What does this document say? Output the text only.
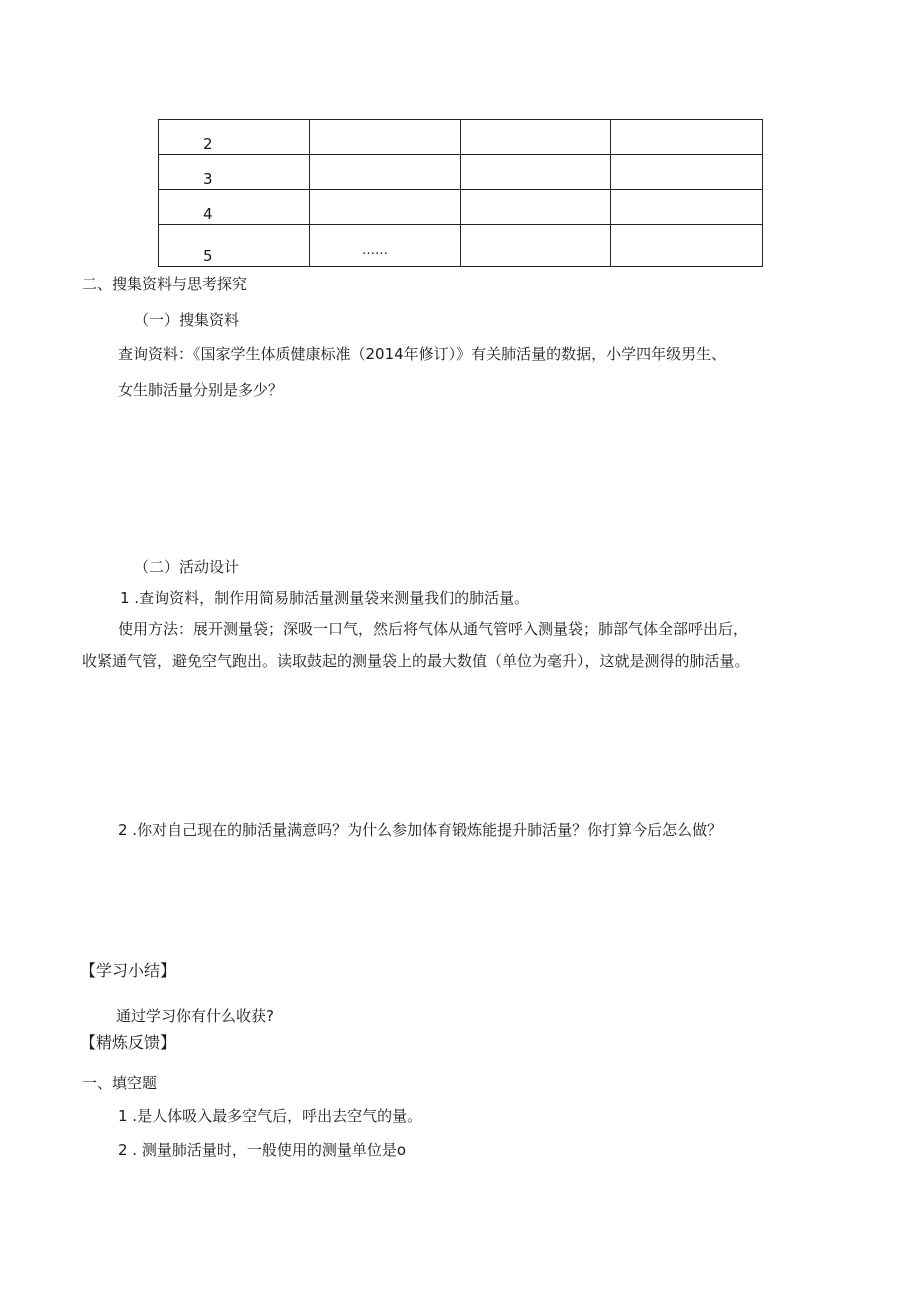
2			
3			
4			
5	……		
二、搜集资料与思考探究
（一）搜集资料
查询资料：《国家学生体质健康标准（2014年修订）》有关肺活量的数据，小学四年级男生、
女生肺活量分别是多少？
（二）活动设计
1 .查询资料，制作用简易肺活量测量袋来测量我们的肺活量。
使用方法：展开测量袋；深吸一口气，然后将气体从通气管呼入测量袋；肺部气体全部呼出后，
收紧通气管，避免空气跑出。读取鼓起的测量袋上的最大数值（单位为毫升），这就是测得的肺活量。
2 .你对自己现在的肺活量满意吗？为什么参加体育锻炼能提升肺活量？你打算今后怎么做？
【学习小结】
通过学习你有什么收获?
【精炼反馈】
一、填空题
1 .是人体吸入最多空气后，呼出去空气的量。
2 . 测量肺活量时，一般使用的测量单位是o
